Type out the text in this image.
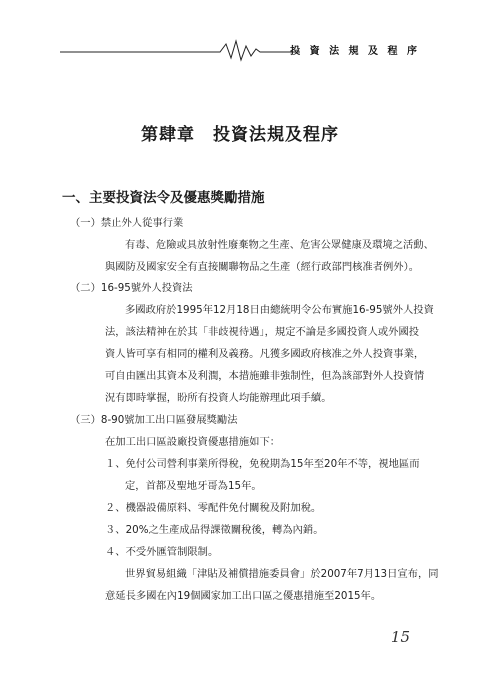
投 資 法 規 及 程 序
第肆章 投資法規及程序
一、主要投資法令及優惠獎勵措施
（一）禁止外人從事行業
有毒、危險或具放射性廢棄物之生產、危害公眾健康及環境之活動、
與國防及國家安全有直接關聯物品之生產（經行政部門核准者例外）。
（二）16-95號外人投資法
多國政府於1995年12月18日由總統明令公布實施16-95號外人投資
法，該法精神在於其「非歧視待遇」，規定不論是多國投資人或外國投
資人皆可享有相同的權利及義務。凡獲多國政府核准之外人投資事業，
可自由匯出其資本及利潤，本措施雖非強制性，但為該部對外人投資情
況有即時掌握，盼所有投資人均能辦理此項手續。
（三）8-90號加工出口區發展獎勵法
在加工出口區設廠投資優惠措施如下：
１、免付公司營利事業所得稅，免稅期為15年至20年不等，視地區而
定，首都及聖地牙哥為15年。
２、機器設備原料、零配件免付關稅及附加稅。
３、20%之生產成品得課徵關稅後，轉為內銷。
４、不受外匯管制限制。
世界貿易組織「津貼及補償措施委員會」於2007年7月13日宣布，同
意延長多國在內19個國家加工出口區之優惠措施至2015年。
15
